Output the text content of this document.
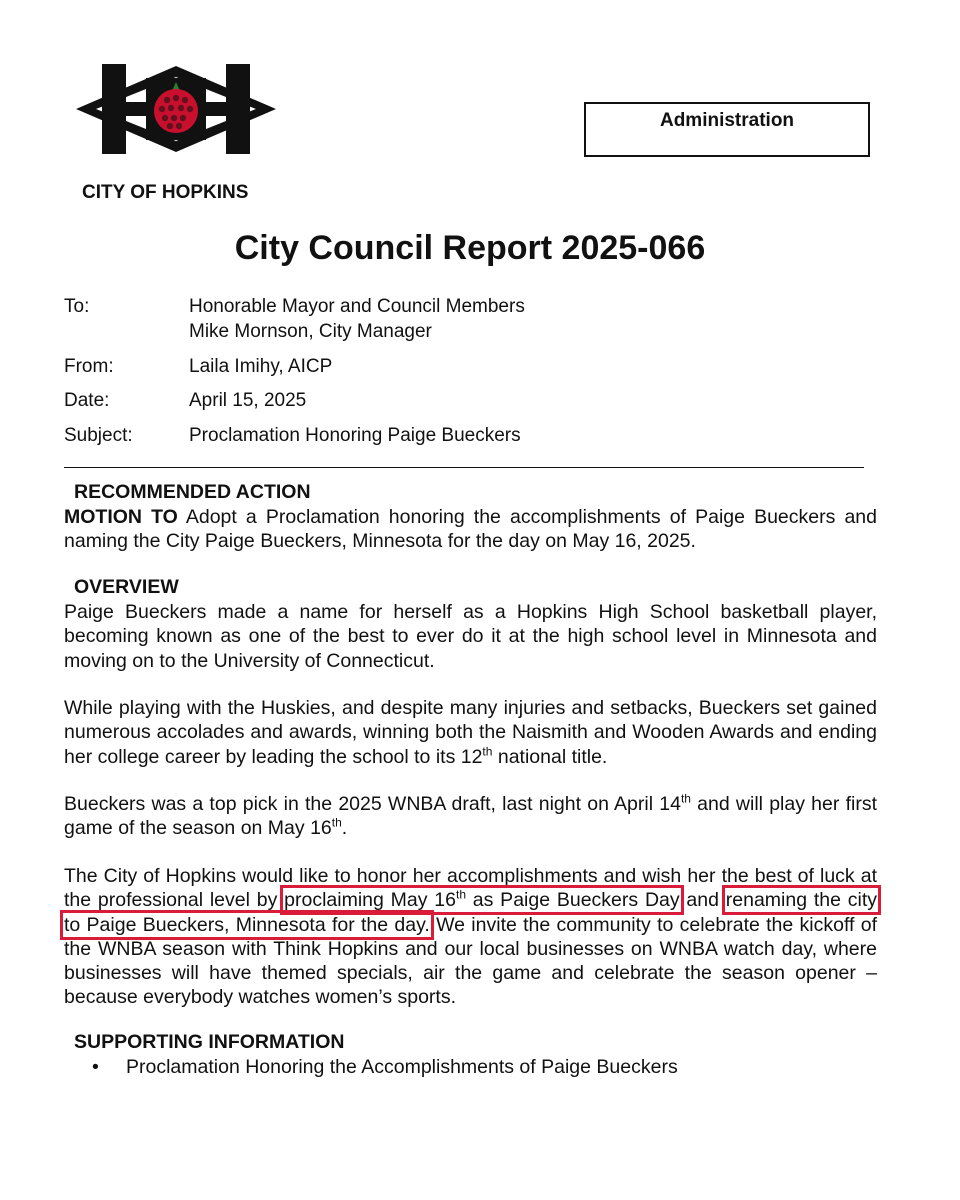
CITY OF HOPKINS
Administration
City Council Report 2025-066
To:	Honorable Mayor and Council Members
Mike Mornson, City Manager
From:	Laila Imihy, AICP
Date:	April 15, 2025
Subject:	Proclamation Honoring Paige Bueckers
RECOMMENDED ACTION

MOTION TO Adopt a Proclamation honoring the accomplishments of Paige Bueckers and naming the City Paige Bueckers, Minnesota for the day on May 16, 2025.

OVERVIEW

Paige Bueckers made a name for herself as a Hopkins High School basketball player, becoming known as one of the best to ever do it at the high school level in Minnesota and moving on to the University of Connecticut.

While playing with the Huskies, and despite many injuries and setbacks, Bueckers set gained numerous accolades and awards, winning both the Naismith and Wooden Awards and ending her college career by leading the school to its 12th national title.

Bueckers was a top pick in the 2025 WNBA draft, last night on April 14th and will play her first game of the season on May 16th.

The City of Hopkins would like to honor her accomplishments and wish her the best of luck at the professional level by proclaiming May 16th as Paige Bueckers Day and renaming the city to Paige Bueckers, Minnesota for the day. We invite the community to celebrate the kickoff of the WNBA season with Think Hopkins and our local businesses on WNBA watch day, where businesses will have themed specials, air the game and celebrate the season opener – because everybody watches women’s sports.

SUPPORTING INFORMATION
• Proclamation Honoring the Accomplishments of Paige Bueckers
